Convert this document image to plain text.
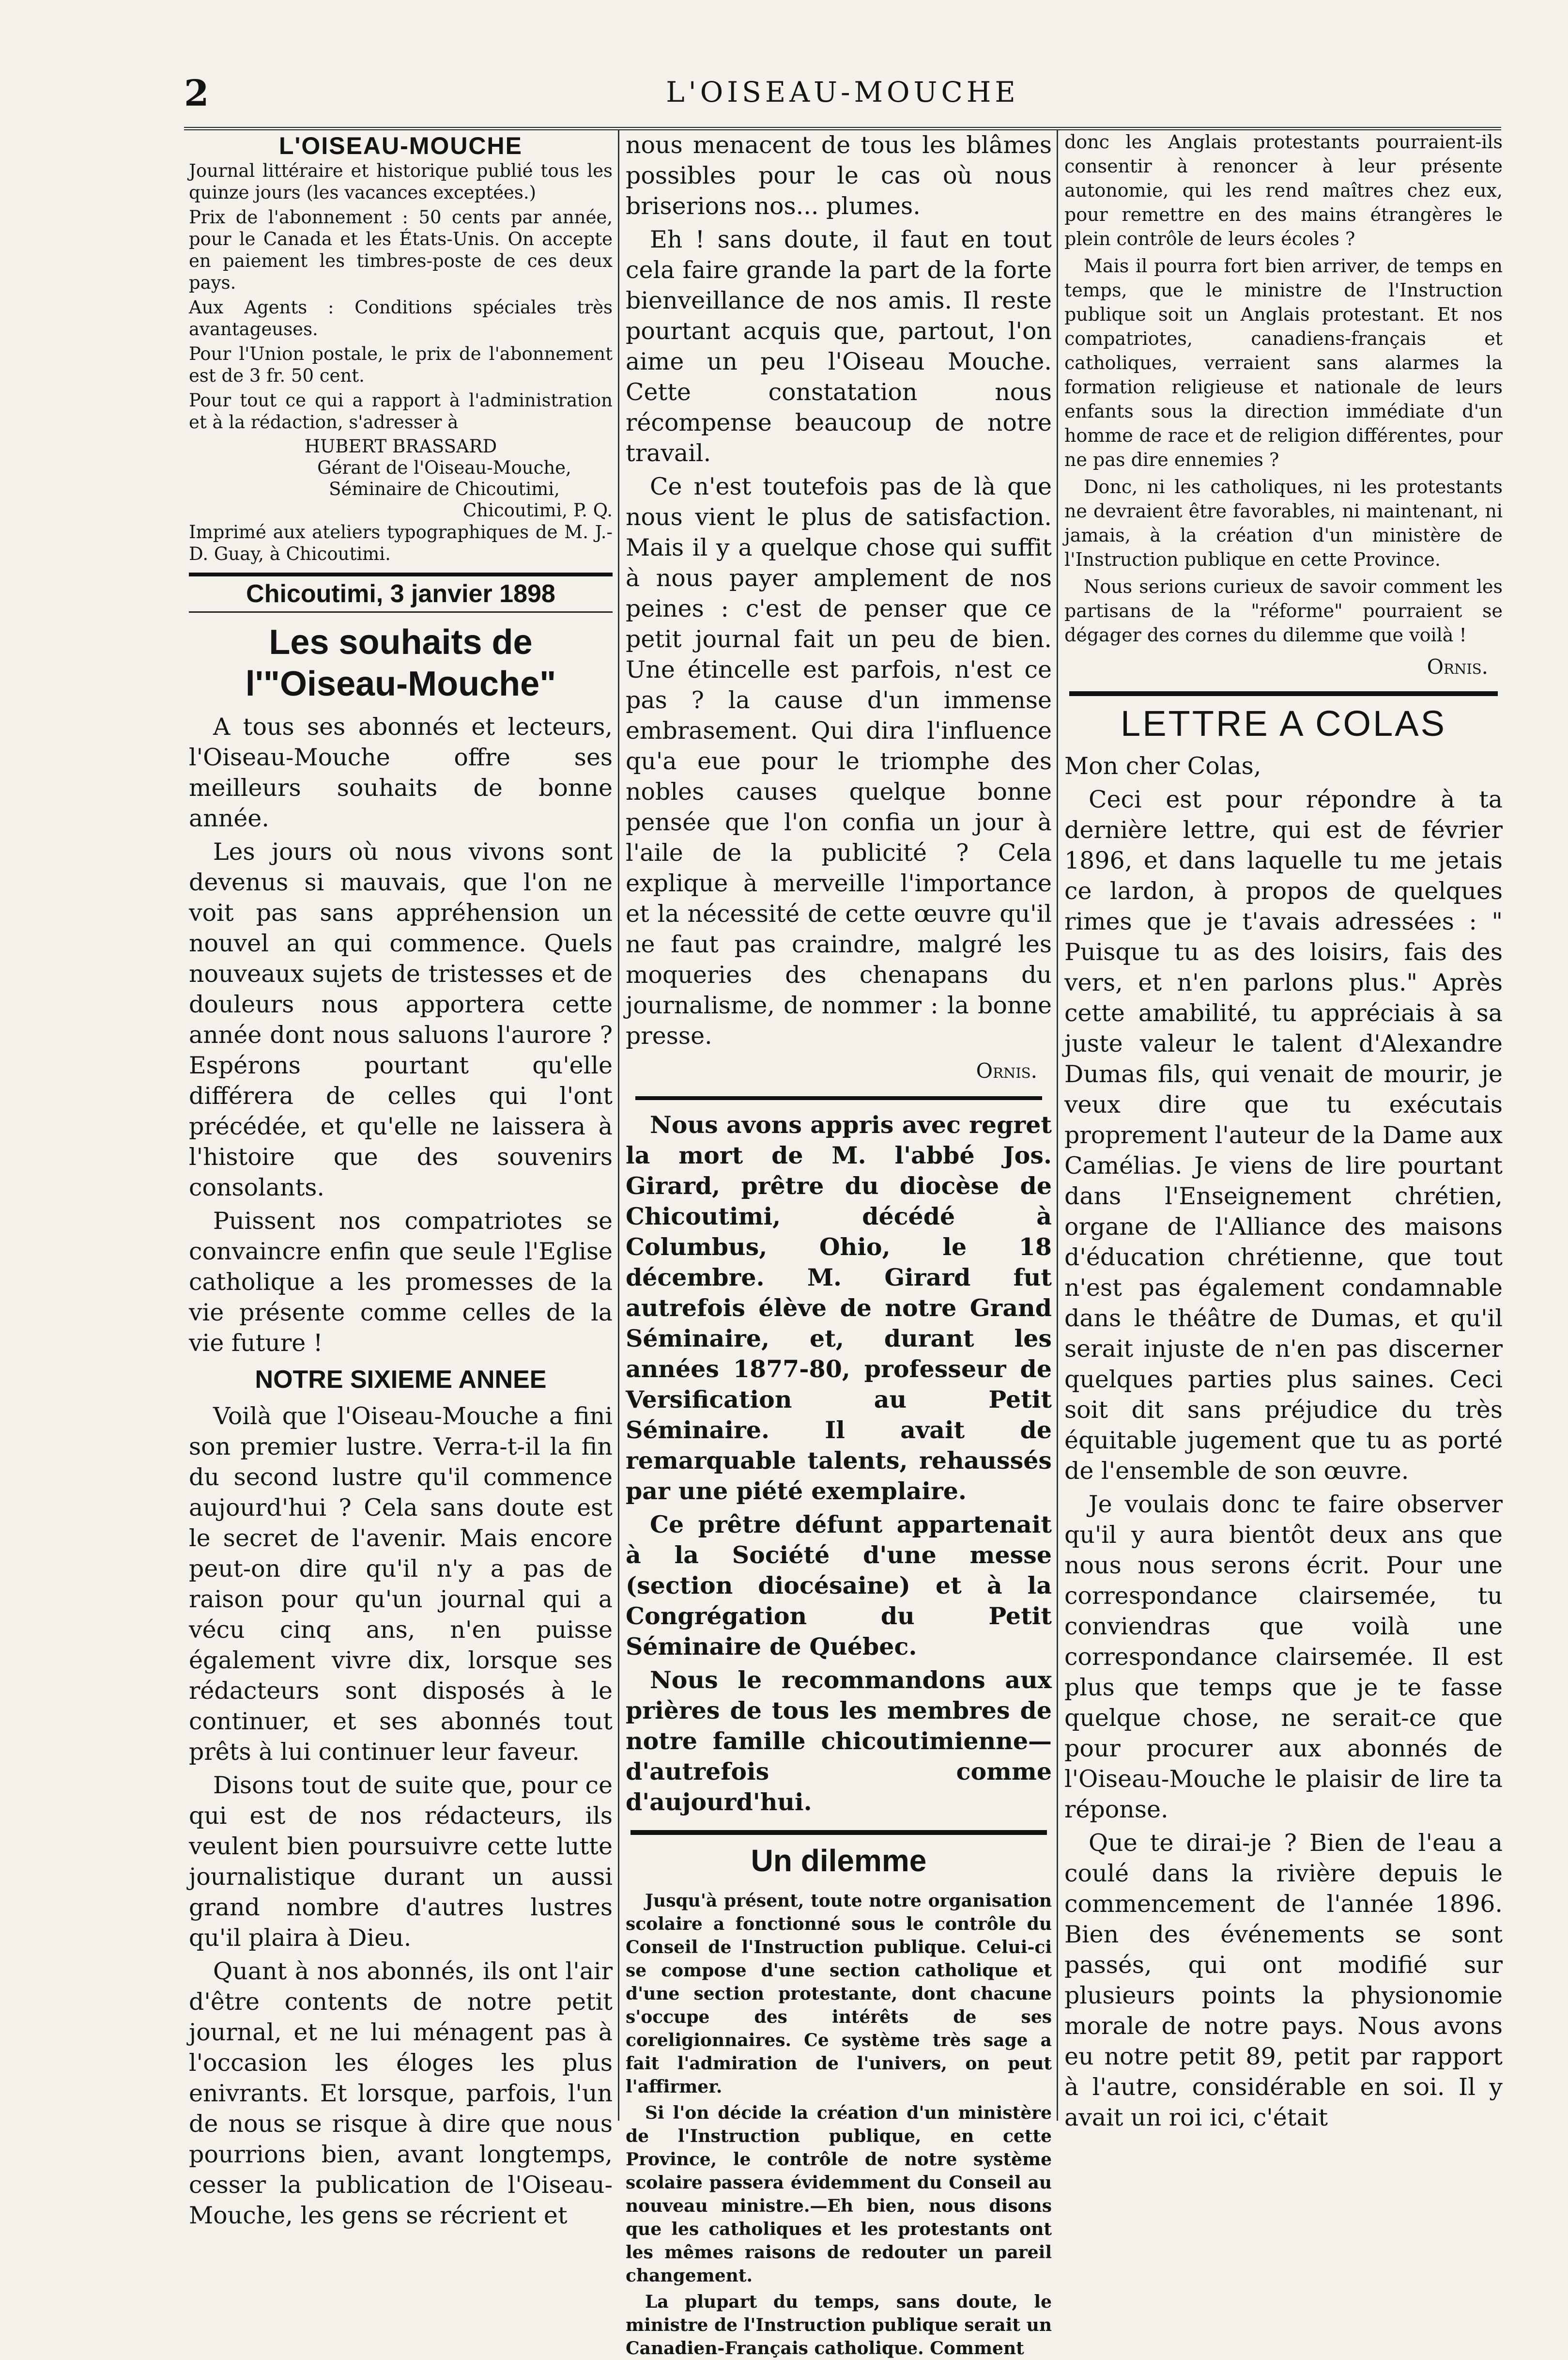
2	L'OISEAU-MOUCHE
L'OISEAU-MOUCHE

Journal littéraire et historique publié tous les quinze jours (les vacances exceptées.)

Prix de l'abonnement : 50 cents par année, pour le Canada et les États-Unis. On accepte en paiement les timbres-poste de ces deux pays.

Aux Agents : Conditions spéciales très avantageuses.

Pour l'Union postale, le prix de l'abonnement est de 3 fr. 50 cent.

Pour tout ce qui a rapport à l'administration et à la rédaction, s'adresser à

HUBERT BRASSARD
Gérant de l'Oiseau-Mouche,
Séminaire de Chicoutimi,
Chicoutimi, P. Q.

Imprimé aux ateliers typographiques de M. J.-D. Guay, à Chicoutimi.

Chicoutimi, 3 janvier 1898
Les souhaits de l'"Oiseau-Mouche"

A tous ses abonnés et lecteurs, l'Oiseau-Mouche offre ses meilleurs souhaits de bonne année.

Les jours où nous vivons sont devenus si mauvais, que l'on ne voit pas sans appréhension un nouvel an qui commence. Quels nouveaux sujets de tristesses et de douleurs nous apportera cette année dont nous saluons l'aurore ? Espérons pourtant qu'elle différera de celles qui l'ont précédée, et qu'elle ne laissera à l'histoire que des souvenirs consolants.

Puissent nos compatriotes se convaincre enfin que seule l'Eglise catholique a les promesses de la vie présente comme celles de la vie future !

NOTRE SIXIEME ANNEE

Voilà que l'Oiseau-Mouche a fini son premier lustre. Verra-t-il la fin du second lustre qu'il commence aujourd'hui ? Cela sans doute est le secret de l'avenir. Mais encore peut-on dire qu'il n'y a pas de raison pour qu'un journal qui a vécu cinq ans, n'en puisse également vivre dix, lorsque ses rédacteurs sont disposés à le continuer, et ses abonnés tout prêts à lui continuer leur faveur.

Disons tout de suite que, pour ce qui est de nos rédacteurs, ils veulent bien poursuivre cette lutte journalistique durant un aussi grand nombre d'autres lustres qu'il plaira à Dieu.

Quant à nos abonnés, ils ont l'air d'être contents de notre petit journal, et ne lui ménagent pas à l'occasion les éloges les plus enivrants. Et lorsque, parfois, l'un de nous se risque à dire que nous pourrions bien, avant longtemps, cesser la publication de l'Oiseau-Mouche, les gens se récrient et

nous menacent de tous les blâmes possibles pour le cas où nous briserions nos... plumes.

Eh ! sans doute, il faut en tout cela faire grande la part de la forte bienveillance de nos amis. Il reste pourtant acquis que, partout, l'on aime un peu l'Oiseau Mouche. Cette constatation nous récompense beaucoup de notre travail.

Ce n'est toutefois pas de là que nous vient le plus de satisfaction. Mais il y a quelque chose qui suffit à nous payer amplement de nos peines : c'est de penser que ce petit journal fait un peu de bien. Une étincelle est parfois, n'est ce pas ? la cause d'un immense embrasement. Qui dira l'influence qu'a eue pour le triomphe des nobles causes quelque bonne pensée que l'on confia un jour à l'aile de la publicité ? Cela explique à merveille l'importance et la nécessité de cette œuvre qu'il ne faut pas craindre, malgré les moqueries des chenapans du journalisme, de nommer : la bonne presse.

Ornis.

Nous avons appris avec regret la mort de M. l'abbé Jos. Girard, prêtre du diocèse de Chicoutimi, décédé à Columbus, Ohio, le 18 décembre. M. Girard fut autrefois élève de notre Grand Séminaire, et, durant les années 1877-80, professeur de Versification au Petit Séminaire. Il avait de remarquable talents, rehaussés par une piété exemplaire.

Ce prêtre défunt appartenait à la Société d'une messe (section diocésaine) et à la Congrégation du Petit Séminaire de Québec.

Nous le recommandons aux prières de tous les membres de notre famille chicoutimienne—d'autrefois comme d'aujourd'hui.

Un dilemme

Jusqu'à présent, toute notre organisation scolaire a fonctionné sous le contrôle du Conseil de l'Instruction publique. Celui-ci se compose d'une section catholique et d'une section protestante, dont chacune s'occupe des intérêts de ses coreligionnaires. Ce système très sage a fait l'admiration de l'univers, on peut l'affirmer.

Si l'on décide la création d'un ministère de l'Instruction publique, en cette Province, le contrôle de notre système scolaire passera évidemment du Conseil au nouveau ministre.—Eh bien, nous disons que les catholiques et les protestants ont les mêmes raisons de redouter un pareil changement.

La plupart du temps, sans doute, le ministre de l'Instruction publique serait un Canadien-Français catholique. Comment

donc les Anglais protestants pourraient-ils consentir à renoncer à leur présente autonomie, qui les rend maîtres chez eux, pour remettre en des mains étrangères le plein contrôle de leurs écoles ?

Mais il pourra fort bien arriver, de temps en temps, que le ministre de l'Instruction publique soit un Anglais protestant. Et nos compatriotes, canadiens-français et catholiques, verraient sans alarmes la formation religieuse et nationale de leurs enfants sous la direction immédiate d'un homme de race et de religion différentes, pour ne pas dire ennemies ?

Donc, ni les catholiques, ni les protestants ne devraient être favorables, ni maintenant, ni jamais, à la création d'un ministère de l'Instruction publique en cette Province.

Nous serions curieux de savoir comment les partisans de la "réforme" pourraient se dégager des cornes du dilemme que voilà !

Ornis.
LETTRE A COLAS

Mon cher Colas,

Ceci est pour répondre à ta dernière lettre, qui est de février 1896, et dans laquelle tu me jetais ce lardon, à propos de quelques rimes que je t'avais adressées : " Puisque tu as des loisirs, fais des vers, et n'en parlons plus." Après cette amabilité, tu appréciais à sa juste valeur le talent d'Alexandre Dumas fils, qui venait de mourir, je veux dire que tu exécutais proprement l'auteur de la Dame aux Camélias. Je viens de lire pourtant dans l'Enseignement chrétien, organe de l'Alliance des maisons d'éducation chrétienne, que tout n'est pas également condamnable dans le théâtre de Dumas, et qu'il serait injuste de n'en pas discerner quelques parties plus saines. Ceci soit dit sans préjudice du très équitable jugement que tu as porté de l'ensemble de son œuvre.

Je voulais donc te faire observer qu'il y aura bientôt deux ans que nous nous serons écrit. Pour une correspondance clairsemée, tu conviendras que voilà une correspondance clairsemée. Il est plus que temps que je te fasse quelque chose, ne serait-ce que pour procurer aux abonnés de l'Oiseau-Mouche le plaisir de lire ta réponse.

Que te dirai-je ? Bien de l'eau a coulé dans la rivière depuis le commencement de l'année 1896. Bien des événements se sont passés, qui ont modifié sur plusieurs points la physionomie morale de notre pays. Nous avons eu notre petit 89, petit par rapport à l'autre, considérable en soi. Il y avait un roi ici, c'était
